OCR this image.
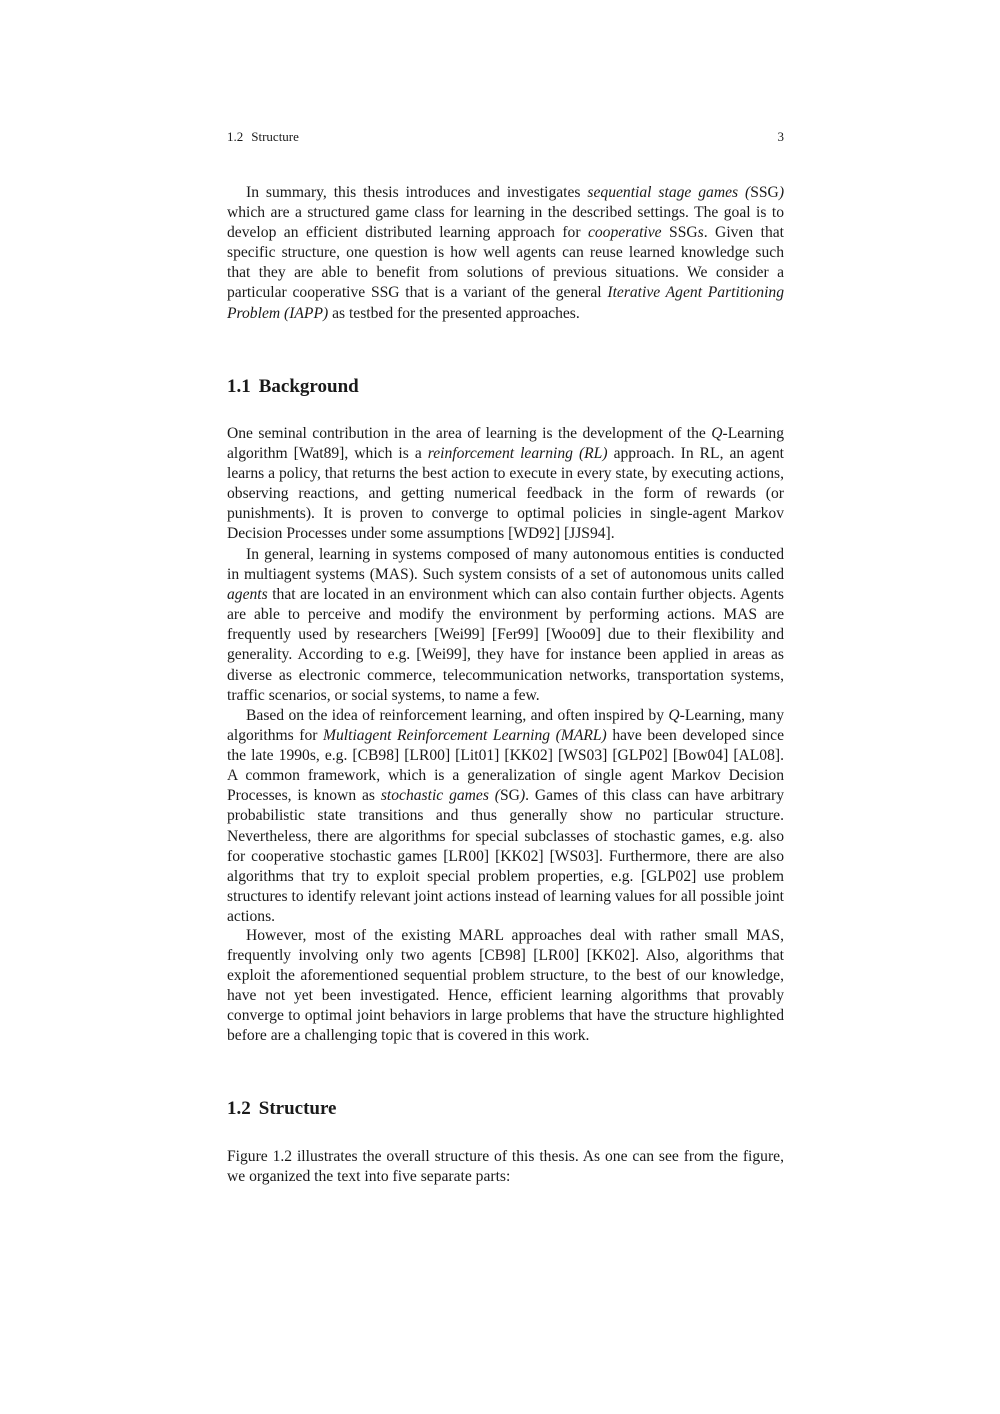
1.2 Structure	3

In summary, this thesis introduces and investigates sequential stage games (SSG) which are a structured game class for learning in the described settings. The goal is to develop an efficient distributed learning approach for cooperative SSGs. Given that specific structure, one question is how well agents can reuse learned knowledge such that they are able to benefit from solutions of previous situations. We consider a particular cooperative SSG that is a variant of the general Iterative Agent Partitioning Problem (IAPP) as testbed for the presented approaches.

1.1 Background

One seminal contribution in the area of learning is the development of the Q-Learning algorithm [Wat89], which is a reinforcement learning (RL) approach. In RL, an agent learns a policy, that returns the best action to execute in every state, by executing actions, observing reactions, and getting numerical feedback in the form of rewards (or punishments). It is proven to converge to optimal policies in single-agent Markov Decision Processes under some assumptions [WD92] [JJS94].

In general, learning in systems composed of many autonomous entities is conducted in multiagent systems (MAS). Such system consists of a set of autonomous units called agents that are located in an environment which can also contain further objects. Agents are able to perceive and modify the environment by performing actions. MAS are frequently used by researchers [Wei99] [Fer99] [Woo09] due to their flexibility and generality. According to e.g. [Wei99], they have for instance been applied in areas as diverse as electronic commerce, telecommunication networks, transportation systems, traffic scenarios, or social systems, to name a few.

Based on the idea of reinforcement learning, and often inspired by Q-Learning, many algorithms for Multiagent Reinforcement Learning (MARL) have been developed since the late 1990s, e.g. [CB98] [LR00] [Lit01] [KK02] [WS03] [GLP02] [Bow04] [AL08]. A common framework, which is a generalization of single agent Markov Decision Processes, is known as stochastic games (SG). Games of this class can have arbitrary probabilistic state transitions and thus generally show no particular structure. Nevertheless, there are algorithms for special subclasses of stochastic games, e.g. also for cooperative stochastic games [LR00] [KK02] [WS03]. Furthermore, there are also algorithms that try to exploit special problem properties, e.g. [GLP02] use problem structures to identify relevant joint actions instead of learning values for all possible joint actions.

However, most of the existing MARL approaches deal with rather small MAS, frequently involving only two agents [CB98] [LR00] [KK02]. Also, algorithms that exploit the aforementioned sequential problem structure, to the best of our knowledge, have not yet been investigated. Hence, efficient learning algorithms that provably converge to optimal joint behaviors in large problems that have the structure highlighted before are a challenging topic that is covered in this work.

1.2 Structure

Figure 1.2 illustrates the overall structure of this thesis. As one can see from the figure, we organized the text into five separate parts:
